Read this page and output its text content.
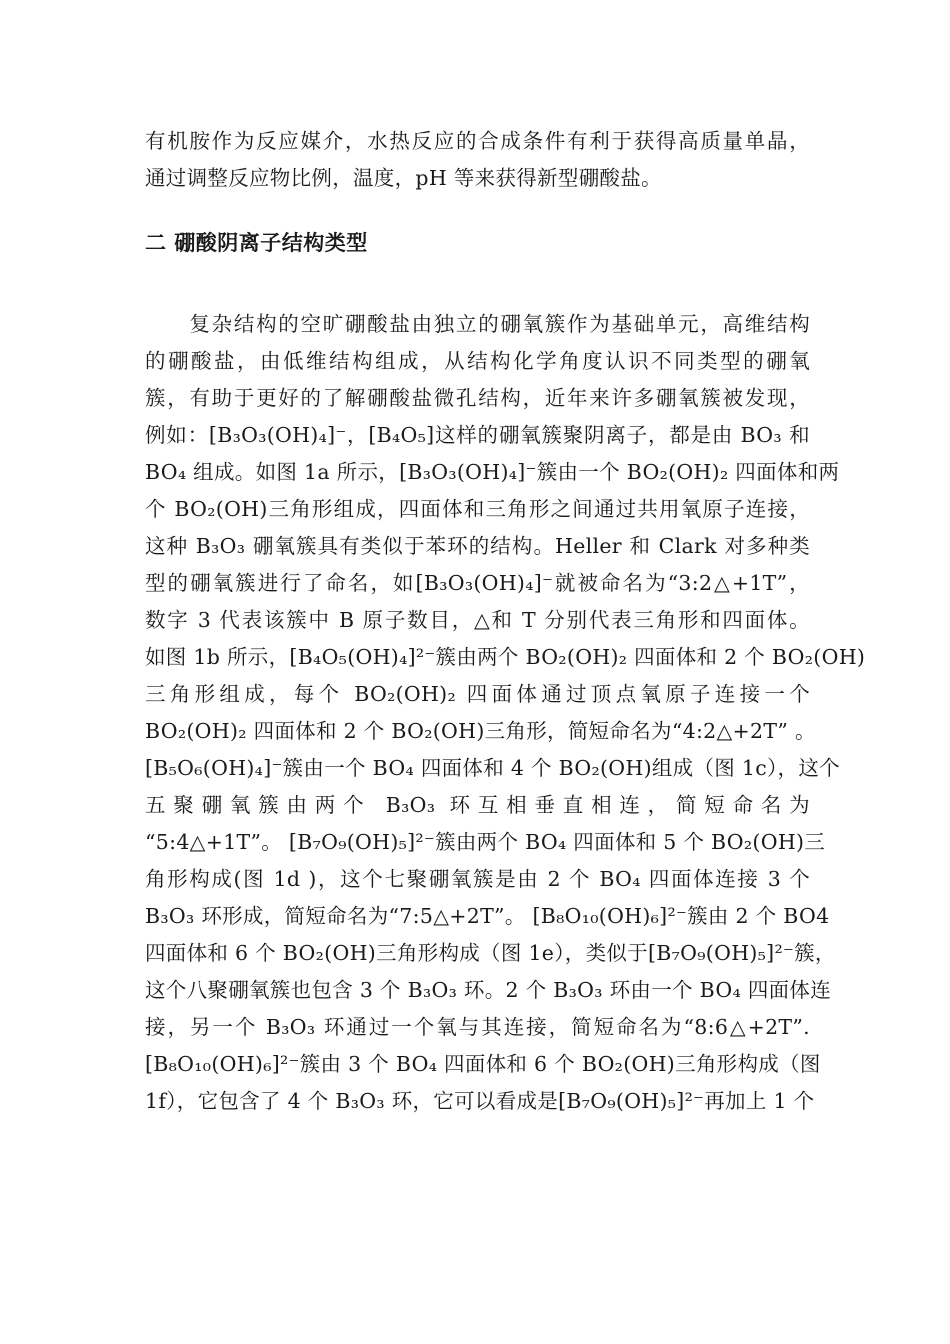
有机胺作为反应媒介，水热反应的合成条件有利于获得高质量单晶，
通过调整反应物比例，温度，pH 等来获得新型硼酸盐。
二 硼酸阴离子结构类型
　　复杂结构的空旷硼酸盐由独立的硼氧簇作为基础单元，高维结构
的硼酸盐，由低维结构组成，从结构化学角度认识不同类型的硼氧
簇，有助于更好的了解硼酸盐微孔结构，近年来许多硼氧簇被发现，
例如：[B₃O₃(OH)₄]⁻，[B₄O₅]这样的硼氧簇聚阴离子，都是由 BO₃ 和
BO₄ 组成。如图 1a 所示，[B₃O₃(OH)₄]⁻簇由一个 BO₂(OH)₂ 四面体和两
个 BO₂(OH)三角形组成，四面体和三角形之间通过共用氧原子连接，
这种 B₃O₃ 硼氧簇具有类似于苯环的结构。Heller 和 Clark 对多种类
型的硼氧簇进行了命名，如[B₃O₃(OH)₄]⁻就被命名为“3:2△+1T”，
数字 3 代表该簇中 B 原子数目，△和 T 分别代表三角形和四面体。
如图 1b 所示，[B₄O₅(OH)₄]²⁻簇由两个 BO₂(OH)₂ 四面体和 2 个 BO₂(OH)
三角形组成，每个 BO₂(OH)₂ 四面体通过顶点氧原子连接一个
BO₂(OH)₂ 四面体和 2 个 BO₂(OH)三角形，简短命名为“4:2△+2T” 。
[B₅O₆(OH)₄]⁻簇由一个 BO₄ 四面体和 4 个 BO₂(OH)组成（图 1c），这个
五聚硼氧簇由两个 B₃O₃ 环互相垂直相连，简短命名为
“5:4△+1T”。 [B₇O₉(OH)₅]²⁻簇由两个 BO₄ 四面体和 5 个 BO₂(OH)三
角形构成(图 1d )，这个七聚硼氧簇是由 2 个 BO₄ 四面体连接 3 个
B₃O₃ 环形成，简短命名为“7:5△+2T”。 [B₈O₁₀(OH)₆]²⁻簇由 2 个 BO4
四面体和 6 个 BO₂(OH)三角形构成（图 1e），类似于[B₇O₉(OH)₅]²⁻簇，
这个八聚硼氧簇也包含 3 个 B₃O₃ 环。2 个 B₃O₃ 环由一个 BO₄ 四面体连
接，另一个 B₃O₃ 环通过一个氧与其连接，简短命名为“8:6△+2T”.
[B₈O₁₀(OH)₆]²⁻簇由 3 个 BO₄ 四面体和 6 个 BO₂(OH)三角形构成（图
1f），它包含了 4 个 B₃O₃ 环，它可以看成是[B₇O₉(OH)₅]²⁻再加上 1 个
